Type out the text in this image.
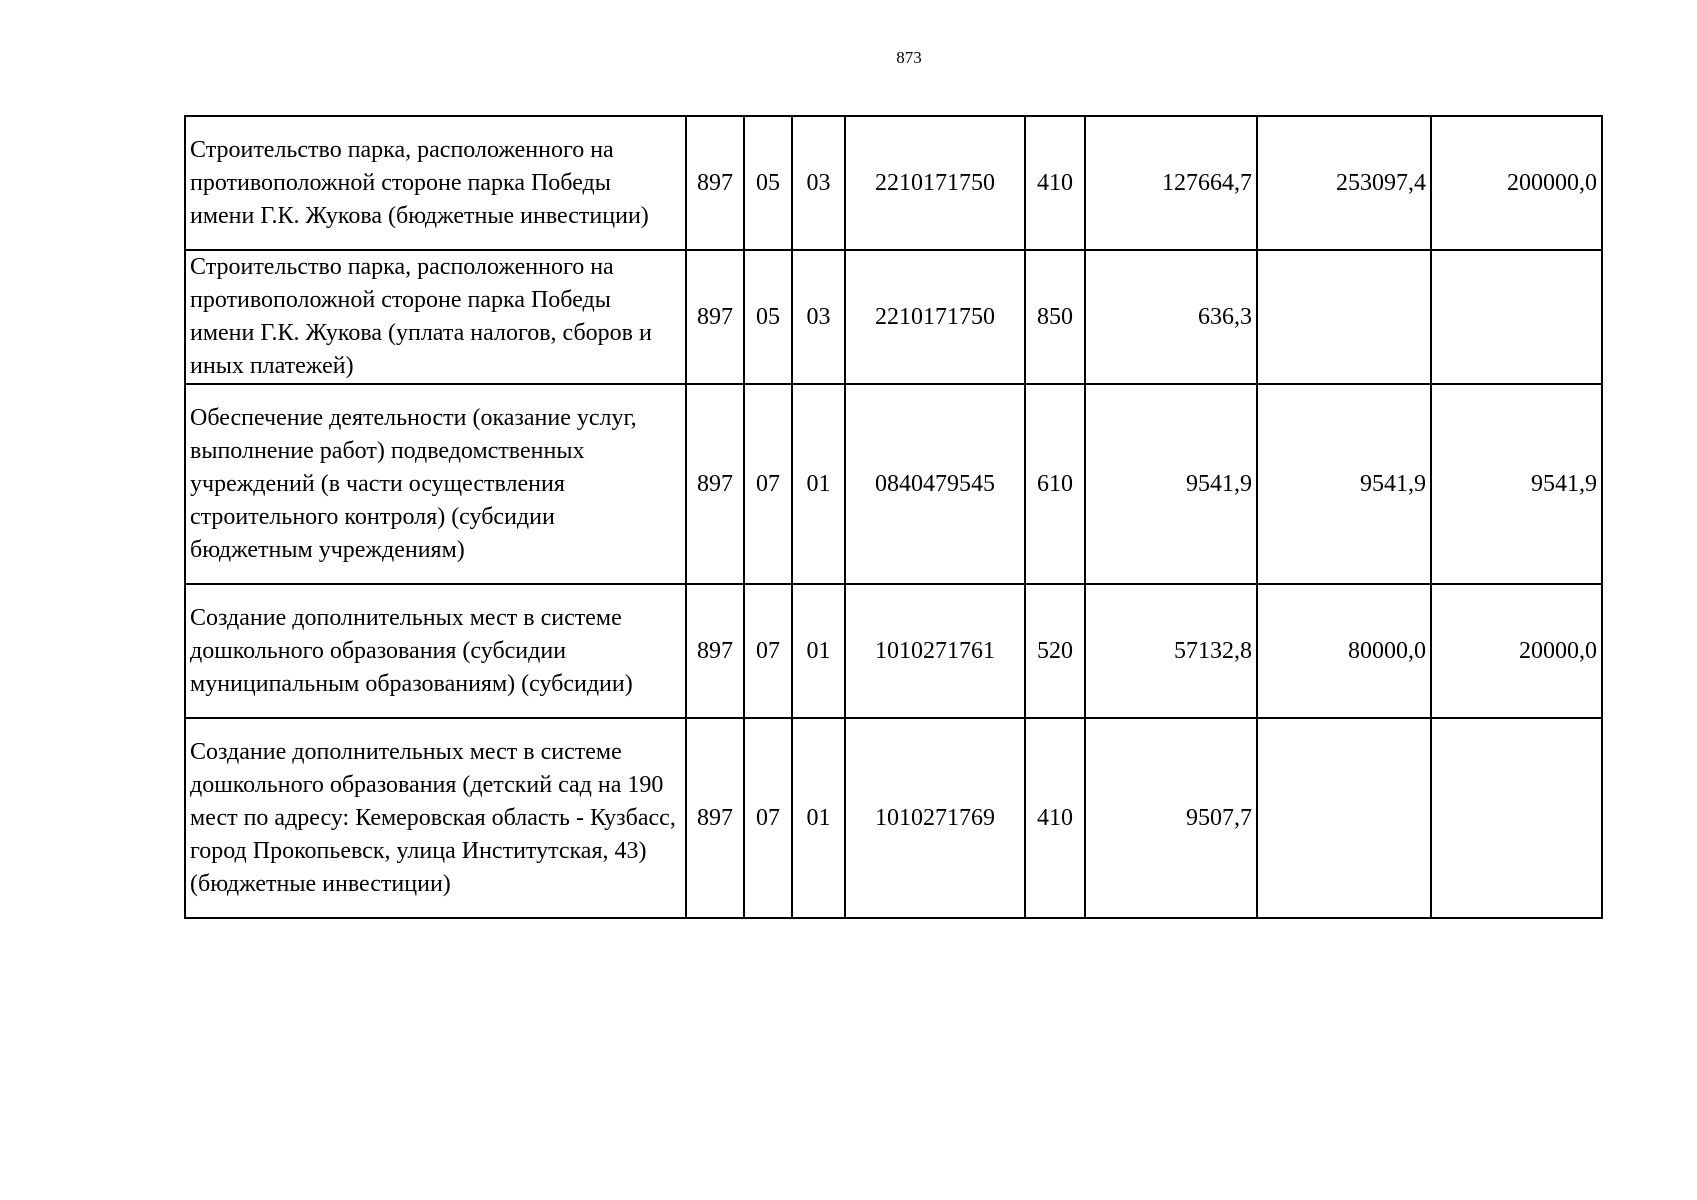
873
Строительство парка, расположенного на противоположной стороне парка Победы имени Г.К. Жукова (бюджетные инвестиции)	897	05	03	2210171750	410	127664,7	253097,4	200000,0
Строительство парка, расположенного на противоположной стороне парка Победы имени Г.К. Жукова (уплата налогов, сборов и иных платежей)	897	05	03	2210171750	850	636,3		
Обеспечение деятельности (оказание услуг, выполнение работ) подведомственных учреждений (в части осуществления строительного контроля) (субсидии бюджетным учреждениям)	897	07	01	0840479545	610	9541,9	9541,9	9541,9
Создание дополнительных мест в системе дошкольного образования (субсидии муниципальным образованиям) (субсидии)	897	07	01	1010271761	520	57132,8	80000,0	20000,0
Создание дополнительных мест в системе дошкольного образования (детский сад на 190 мест по адресу: Кемеровская область - Кузбасс, город Прокопьевск, улица Институтская, 43) (бюджетные инвестиции)	897	07	01	1010271769	410	9507,7		
